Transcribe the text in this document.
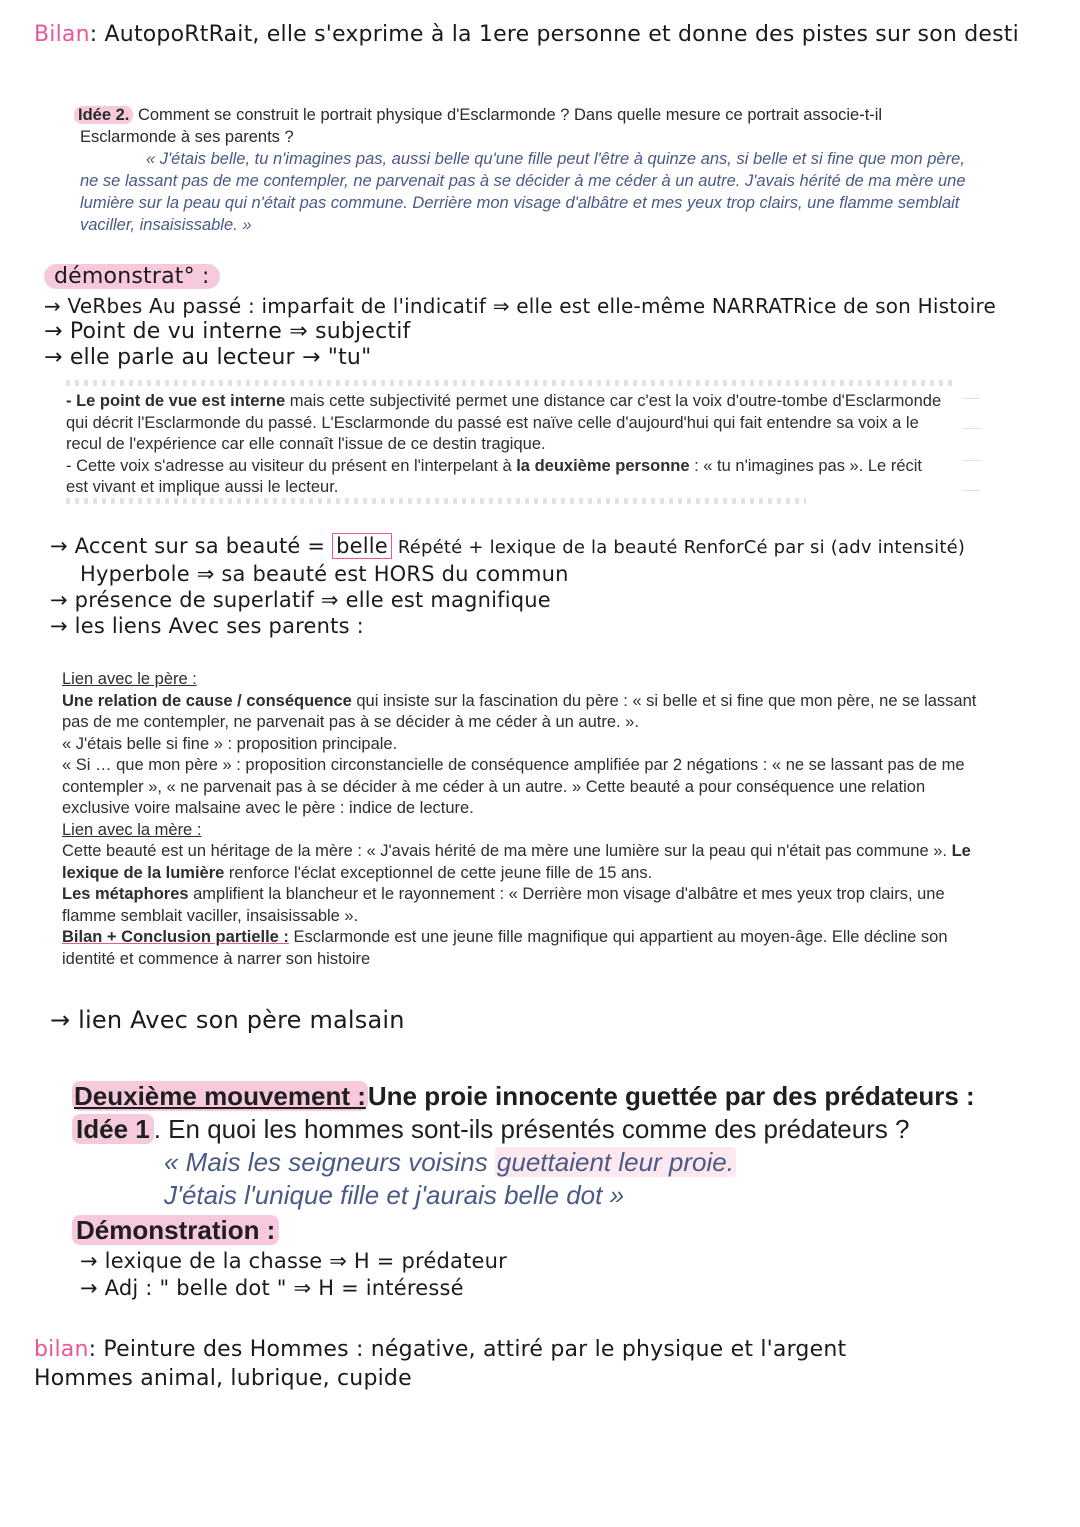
Bilan: AutopoRtRait, elle s'exprime à la 1ere personne et donne des pistes sur son desti

Idée 2. Comment se construit le portrait physique d'Esclarmonde ? Dans quelle mesure ce portrait associe-t-il

Esclarmonde à ses parents ?

« J'étais belle, tu n'imagines pas, aussi belle qu'une fille peut l'être à quinze ans, si belle et si fine que mon père, ne se lassant pas de me contempler, ne parvenait pas à se décider à me céder à un autre. J'avais hérité de ma mère une lumière sur la peau qui n'était pas commune. Derrière mon visage d'albâtre et mes yeux trop clairs, une flamme semblait vaciller, insaisissable. »

démonstrat° :
→ VeRbes Au passé : imparfait de l'indicatif ⇒ elle est elle-même NARRATRice de son Histoire
→ Point de vu interne ⇒ subjectif
→ elle parle au lecteur → "tu"
- Le point de vue est interne mais cette subjectivité permet une distance car c'est la voix d'outre-tombe d'Esclarmonde qui décrit l'Esclarmonde du passé. L'Esclarmonde du passé est naïve celle d'aujourd'hui qui fait entendre sa voix a le recul de l'expérience car elle connaît l'issue de ce destin tragique.
- Cette voix s'adresse au visiteur du présent en l'interpelant à la deuxième personne : « tu n'imagines pas ». Le récit est vivant et implique aussi le lecteur.
→ Accent sur sa beauté = belle Répété + lexique de la beauté RenforCé par si (adv intensité)
Hyperbole ⇒ sa beauté est HORS du commun
→ présence de superlatif ⇒ elle est magnifique
→ les liens Avec ses parents :
Lien avec le père :
Une relation de cause / conséquence qui insiste sur la fascination du père : « si belle et si fine que mon père, ne se lassant pas de me contempler, ne parvenait pas à se décider à me céder à un autre. ».
« J'étais belle si fine » : proposition principale.
« Si … que mon père » : proposition circonstancielle de conséquence amplifiée par 2 négations : « ne se lassant pas de me contempler », « ne parvenait pas à se décider à me céder à un autre. » Cette beauté a pour conséquence une relation exclusive voire malsaine avec le père : indice de lecture.
Lien avec la mère :
Cette beauté est un héritage de la mère : « J'avais hérité de ma mère une lumière sur la peau qui n'était pas commune ». Le lexique de la lumière renforce l'éclat exceptionnel de cette jeune fille de 15 ans.
Les métaphores amplifient la blancheur et le rayonnement : « Derrière mon visage d'albâtre et mes yeux trop clairs, une flamme semblait vaciller, insaisissable ».
Bilan + Conclusion partielle : Esclarmonde est une jeune fille magnifique qui appartient au moyen-âge. Elle décline son identité et commence à narrer son histoire
→ lien Avec son père malsain
Deuxième mouvement :Une proie innocente guettée par des prédateurs :
Idée 1 . En quoi les hommes sont-ils présentés comme des prédateurs ?
« Mais les seigneurs voisins guettaient leur proie.
J'étais l'unique fille et j'aurais belle dot »
Démonstration :
→ lexique de la chasse ⇒ H = prédateur
→ Adj : " belle dot " ⇒ H = intéressé
bilan: Peinture des Hommes : négative, attiré par le physique et l'argent
Hommes animal, lubrique, cupide
